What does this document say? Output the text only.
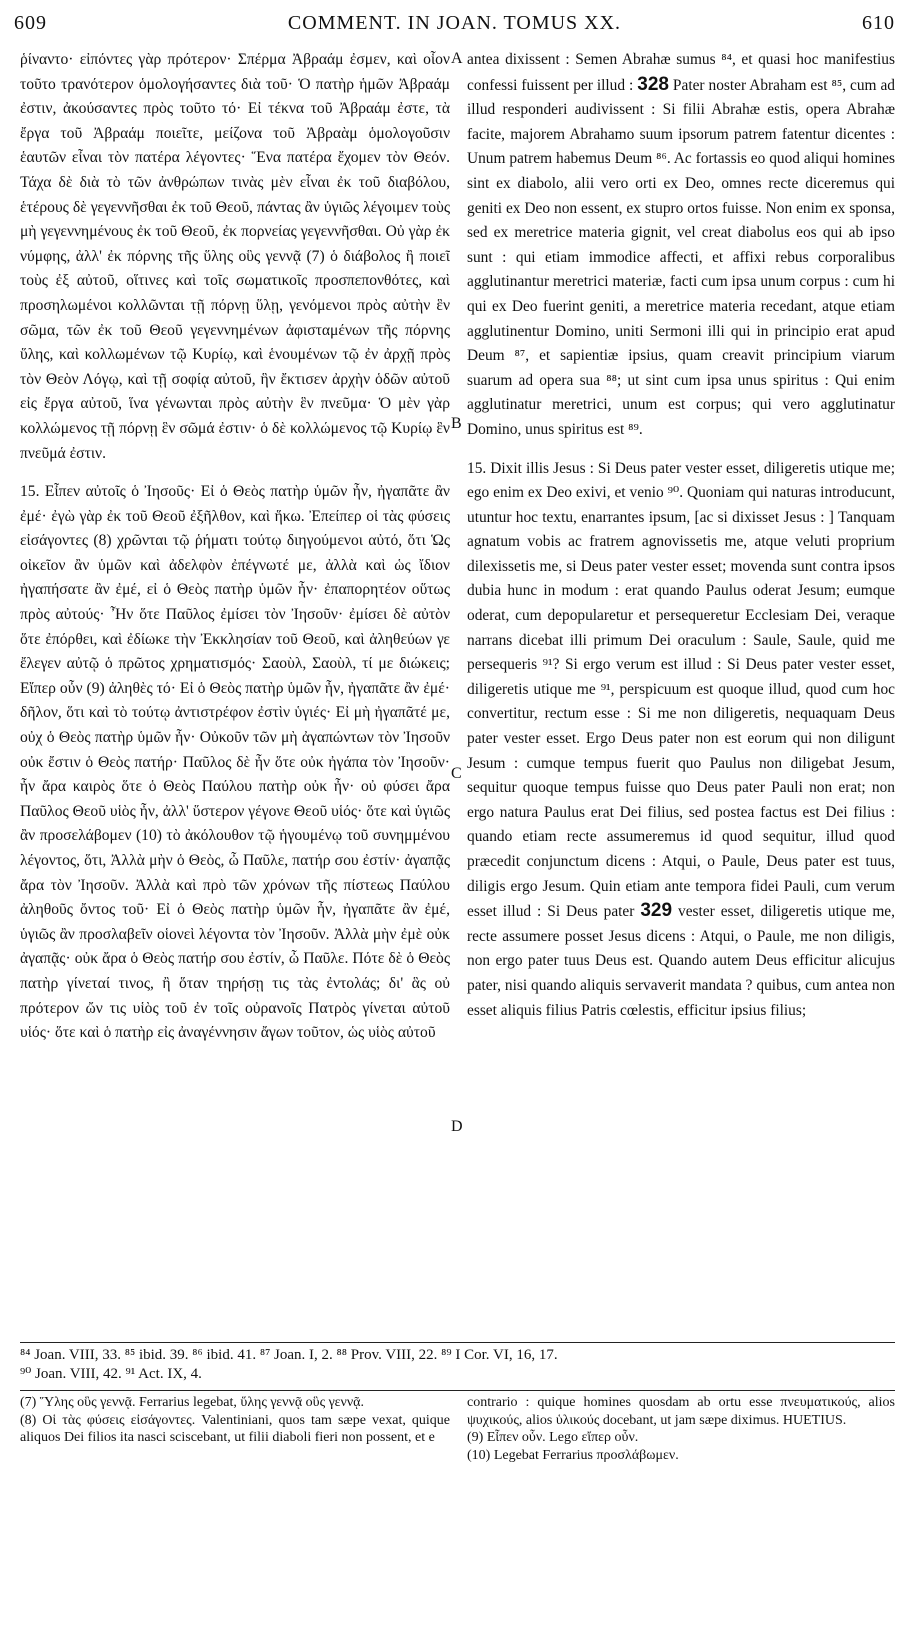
609	COMMENT. IN JOAN. TOMUS XX.	610

ῥίναντο· εἰπόντες γὰρ πρότερον· Σπέρμα Ἀβραάμ ἐσμεν, καὶ οἷον τοῦτο τρανότερον ὁμολογήσαντες διὰ τοῦ· Ὁ πατὴρ ἡμῶν Ἀβραάμ ἐστιν, ἀκούσαντες πρὸς τοῦτο τό· Εἰ τέκνα τοῦ Ἀβραάμ ἐστε, τὰ ἔργα τοῦ Ἀβραάμ ποιεῖτε, μείζονα τοῦ Ἀβραὰμ ὁμολογοῦσιν ἑαυτῶν εἶναι τὸν πατέρα λέγοντες· Ἕνα πατέρα ἔχομεν τὸν Θεόν. Τάχα δὲ διὰ τὸ τῶν ἀνθρώπων τινὰς μὲν εἶναι ἐκ τοῦ διαβόλου, ἑτέρους δὲ γεγεννῆσθαι ἐκ τοῦ Θεοῦ, πάντας ἂν ὑγιῶς λέγοιμεν τοὺς μὴ γεγεννημένους ἐκ τοῦ Θεοῦ, ἐκ πορνείας γεγεννῆσθαι. Οὐ γὰρ ἐκ νύμφης, ἀλλ' ἐκ πόρνης τῆς ὕλης οὓς γεννᾷ (7) ὁ διάβολος ἢ ποιεῖ τοὺς ἐξ αὐτοῦ, οἵτινες καὶ τοῖς σωματικοῖς προσπεπονθότες, καὶ προσηλωμένοι κολλῶνται τῇ πόρνῃ ὕλῃ, γενόμενοι πρὸς αὐτὴν ἓν σῶμα, τῶν ἐκ τοῦ Θεοῦ γεγεννημένων ἀφισταμένων τῆς πόρνης ὕλης, καὶ κολλωμένων τῷ Κυρίῳ, καὶ ἑνουμένων τῷ ἐν ἀρχῇ πρὸς τὸν Θεὸν Λόγῳ, καὶ τῇ σοφίᾳ αὐτοῦ, ἣν ἔκτισεν ἀρχὴν ὁδῶν αὐτοῦ εἰς ἔργα αὐτοῦ, ἵνα γένωνται πρὸς αὐτὴν ἓν πνεῦμα· Ὁ μὲν γὰρ κολλώμενος τῇ πόρνῃ ἓν σῶμά ἐστιν· ὁ δὲ κολλώμενος τῷ Κυρίῳ ἓν πνεῦμά ἐστιν.

15. Εἶπεν αὐτοῖς ὁ Ἰησοῦς· Εἰ ὁ Θεὸς πατὴρ ὑμῶν ἦν, ἠγαπᾶτε ἂν ἐμέ· ἐγὼ γὰρ ἐκ τοῦ Θεοῦ ἐξῆλθον, καὶ ἥκω. Ἐπείπερ οἱ τὰς φύσεις εἰσάγοντες (8) χρῶνται τῷ ῥήματι τούτῳ διηγούμενοι αὐτό, ὅτι Ὡς οἰκεῖον ἂν ὑμῶν καὶ ἀδελφὸν ἐπέγνωτέ με, ἀλλὰ καὶ ὡς ἴδιον ἠγαπήσατε ἂν ἐμέ, εἰ ὁ Θεὸς πατὴρ ὑμῶν ἦν· ἐπαπορητέον οὕτως πρὸς αὐτούς· Ἦν ὅτε Παῦλος ἐμίσει τὸν Ἰησοῦν· ἐμίσει δὲ αὐτὸν ὅτε ἐπόρθει, καὶ ἐδίωκε τὴν Ἐκκλησίαν τοῦ Θεοῦ, καὶ ἀληθεύων γε ἔλεγεν αὐτῷ ὁ πρῶτος χρηματισμός· Σαοὺλ, Σαοὺλ, τί με διώκεις; Εἴπερ οὖν (9) ἀληθὲς τό· Εἰ ὁ Θεὸς πατὴρ ὑμῶν ἦν, ἠγαπᾶτε ἂν ἐμέ· δῆλον, ὅτι καὶ τὸ τούτῳ ἀντιστρέφον ἐστὶν ὑγιές· Εἰ μὴ ἠγαπᾶτέ με, οὐχ ὁ Θεὸς πατὴρ ὑμῶν ἦν· Οὐκοῦν τῶν μὴ ἀγαπώντων τὸν Ἰησοῦν οὐκ ἔστιν ὁ Θεὸς πατήρ· Παῦλος δὲ ἦν ὅτε οὐκ ἠγάπα τὸν Ἰησοῦν· ἦν ἄρα καιρὸς ὅτε ὁ Θεὸς Παύλου πατὴρ οὐκ ἦν· οὐ φύσει ἄρα Παῦλος Θεοῦ υἱὸς ἦν, ἀλλ' ὕστερον γέγονε Θεοῦ υἱός· ὅτε καὶ ὑγιῶς ἂν προσελάβομεν (10) τὸ ἀκόλουθον τῷ ἡγουμένῳ τοῦ συνημμένου λέγοντος, ὅτι, Ἀλλὰ μὴν ὁ Θεὸς, ὦ Παῦλε, πατήρ σου ἐστίν· ἀγαπᾷς ἄρα τὸν Ἰησοῦν. Ἀλλὰ καὶ πρὸ τῶν χρόνων τῆς πίστεως Παύλου ἀληθοῦς ὄντος τοῦ· Εἰ ὁ Θεὸς πατὴρ ὑμῶν ἦν, ἠγαπᾶτε ἂν ἐμέ, ὑγιῶς ἂν προσλαβεῖν οἱονεὶ λέγοντα τὸν Ἰησοῦν. Ἀλλὰ μὴν ἐμὲ οὐκ ἀγαπᾷς· οὐκ ἄρα ὁ Θεὸς πατήρ σου ἐστίν, ὦ Παῦλε. Πότε δὲ ὁ Θεὸς πατὴρ γίνεταί τινος, ἢ ὅταν τηρήσῃ τις τὰς ἐντολάς; δι' ἃς οὐ πρότερον ὤν τις υἱὸς τοῦ ἐν τοῖς οὐρανοῖς Πατρὸς γίνεται αὐτοῦ υἱός· ὅτε καὶ ὁ πατὴρ εἰς ἀναγέννησιν ἄγων τοῦτον, ὡς υἱὸς αὐτοῦ

A
B
C
D

antea dixissent : Semen Abrahæ sumus ⁸⁴, et quasi hoc manifestius confessi fuissent per illud : 328 Pater noster Abraham est ⁸⁵, cum ad illud responderi audivissent : Si filii Abrahæ estis, opera Abrahæ facite, majorem Abrahamo suum ipsorum patrem fatentur dicentes : Unum patrem habemus Deum ⁸⁶. Ac fortassis eo quod aliqui homines sint ex diabolo, alii vero orti ex Deo, omnes recte diceremus qui geniti ex Deo non essent, ex stupro ortos fuisse. Non enim ex sponsa, sed ex meretrice materia gignit, vel creat diabolus eos qui ab ipso sunt : qui etiam immodice affecti, et affixi rebus corporalibus agglutinantur meretrici materiæ, facti cum ipsa unum corpus : cum hi qui ex Deo fuerint geniti, a meretrice materia recedant, atque etiam agglutinentur Domino, uniti Sermoni illi qui in principio erat apud Deum ⁸⁷, et sapientiæ ipsius, quam creavit principium viarum suarum ad opera sua ⁸⁸; ut sint cum ipsa unus spiritus : Qui enim agglutinatur meretrici, unum est corpus; qui vero agglutinatur Domino, unus spiritus est ⁸⁹.

15. Dixit illis Jesus : Si Deus pater vester esset, diligeretis utique me; ego enim ex Deo exivi, et venio ⁹⁰. Quoniam qui naturas introducunt, utuntur hoc textu, enarrantes ipsum, [ac si dixisset Jesus : ] Tanquam agnatum vobis ac fratrem agnovissetis me, atque veluti proprium dilexissetis me, si Deus pater vester esset; movenda sunt contra ipsos dubia hunc in modum : erat quando Paulus oderat Jesum; eumque oderat, cum depopularetur et persequeretur Ecclesiam Dei, veraque narrans dicebat illi primum Dei oraculum : Saule, Saule, quid me persequeris ⁹¹? Si ergo verum est illud : Si Deus pater vester esset, diligeretis utique me ⁹¹, perspicuum est quoque illud, quod cum hoc convertitur, rectum esse : Si me non diligeretis, nequaquam Deus pater vester esset. Ergo Deus pater non est eorum qui non diligunt Jesum : cumque tempus fuerit quo Paulus non diligebat Jesum, sequitur quoque tempus fuisse quo Deus pater Pauli non erat; non ergo natura Paulus erat Dei filius, sed postea factus est Dei filius : quando etiam recte assumeremus id quod sequitur, illud quod præcedit conjunctum dicens : Atqui, o Paule, Deus pater est tuus, diligis ergo Jesum. Quin etiam ante tempora fidei Pauli, cum verum esset illud : Si Deus pater 329 vester esset, diligeretis utique me, recte assumere posset Jesus dicens : Atqui, o Paule, me non diligis, non ergo pater tuus Deus est. Quando autem Deus efficitur alicujus pater, nisi quando aliquis servaverit mandata ? quibus, cum antea non esset aliquis filius Patris cœlestis, efficitur ipsius filius;

⁸⁴ Joan. VIII, 33. ⁸⁵ ibid. 39. ⁸⁶ ibid. 41. ⁸⁷ Joan. I, 2. ⁸⁸ Prov. VIII, 22. ⁸⁹ I Cor. VI, 16, 17.
⁹⁰ Joan. VIII, 42. ⁹¹ Act. IX, 4.

(7) Ὕλης οὓς γεννᾷ. Ferrarius legebat, ὕλης γεννᾷ οὓς γεννᾷ.

(8) Οἱ τὰς φύσεις εἰσάγοντες. Valentiniani, quos tam sæpe vexat, quique aliquos Dei filios ita nasci sciscebant, ut filii diaboli fieri non possent, et e

contrario : quique homines quosdam ab ortu esse πνευματικούς, alios ψυχικούς, alios ὑλικούς docebant, ut jam sæpe diximus. HUETIUS.

(9) Εἶπεν οὖν. Lego εἴπερ οὖν.

(10) Legebat Ferrarius προσλάβωμεν.
